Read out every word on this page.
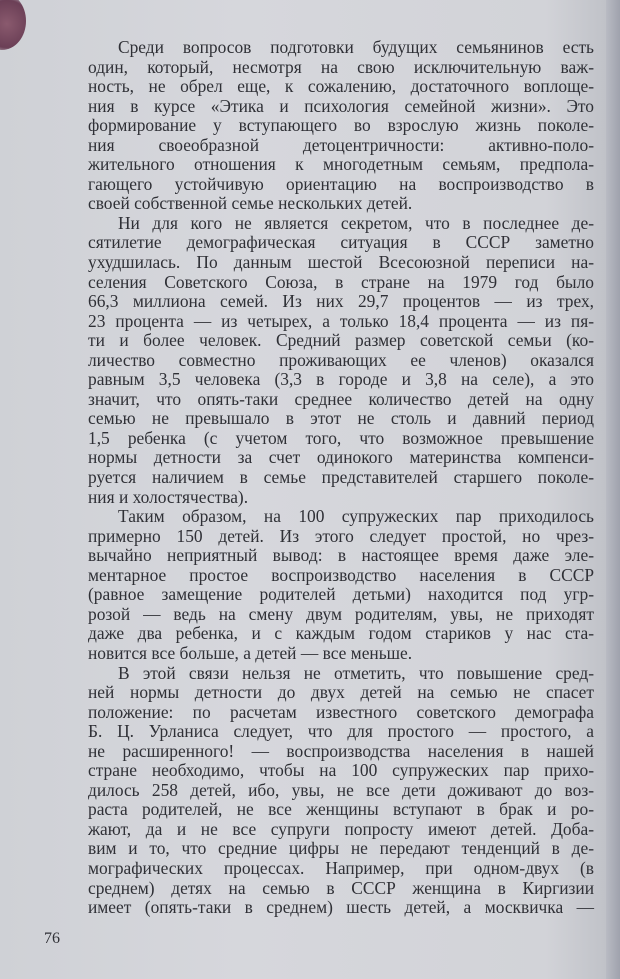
Среди вопросов подготовки будущих семьянинов есть
один, который, несмотря на свою исключительную важ-
ность, не обрел еще, к сожалению, достаточного воплоще-
ния в курсе «Этика и психология семейной жизни». Это
формирование у вступающего во взрослую жизнь поколе-
ния своеобразной детоцентричности: активно-поло-
жительного отношения к многодетным семьям, предпола-
гающего устойчивую ориентацию на воспроизводство в
своей собственной семье нескольких детей.
Ни для кого не является секретом, что в последнее де-
сятилетие демографическая ситуация в СССР заметно
ухудшилась. По данным шестой Всесоюзной переписи на-
селения Советского Союза, в стране на 1979 год было
66,3 миллиона семей. Из них 29,7 процентов — из трех,
23 процента — из четырех, а только 18,4 процента — из пя-
ти и более человек. Средний размер советской семьи (ко-
личество совместно проживающих ее членов) оказался
равным 3,5 человека (3,3 в городе и 3,8 на селе), а это
значит, что опять-таки среднее количество детей на одну
семью не превышало в этот не столь и давний период
1,5 ребенка (с учетом того, что возможное превышение
нормы детности за счет одинокого материнства компенси-
руется наличием в семье представителей старшего поколе-
ния и холостячества).
Таким образом, на 100 супружеских пар приходилось
примерно 150 детей. Из этого следует простой, но чрез-
вычайно неприятный вывод: в настоящее время даже эле-
ментарное простое воспроизводство населения в СССР
(равное замещение родителей детьми) находится под угр-
розой — ведь на смену двум родителям, увы, не приходят
даже два ребенка, и с каждым годом стариков у нас ста-
новится все больше, а детей — все меньше.
В этой связи нельзя не отметить, что повышение сред-
ней нормы детности до двух детей на семью не спасет
положение: по расчетам известного советского демографа
Б. Ц. Урланиса следует, что для простого — простого, а
не расширенного! — воспроизводства населения в нашей
стране необходимо, чтобы на 100 супружеских пар прихо-
дилось 258 детей, ибо, увы, не все дети доживают до воз-
раста родителей, не все женщины вступают в брак и ро-
жают, да и не все супруги попросту имеют детей. Доба-
вим и то, что средние цифры не передают тенденций в де-
мографических процессах. Например, при одном-двух (в
среднем) детях на семью в СССР женщина в Киргизии
имеет (опять-таки в среднем) шесть детей, а москвичка —
76
